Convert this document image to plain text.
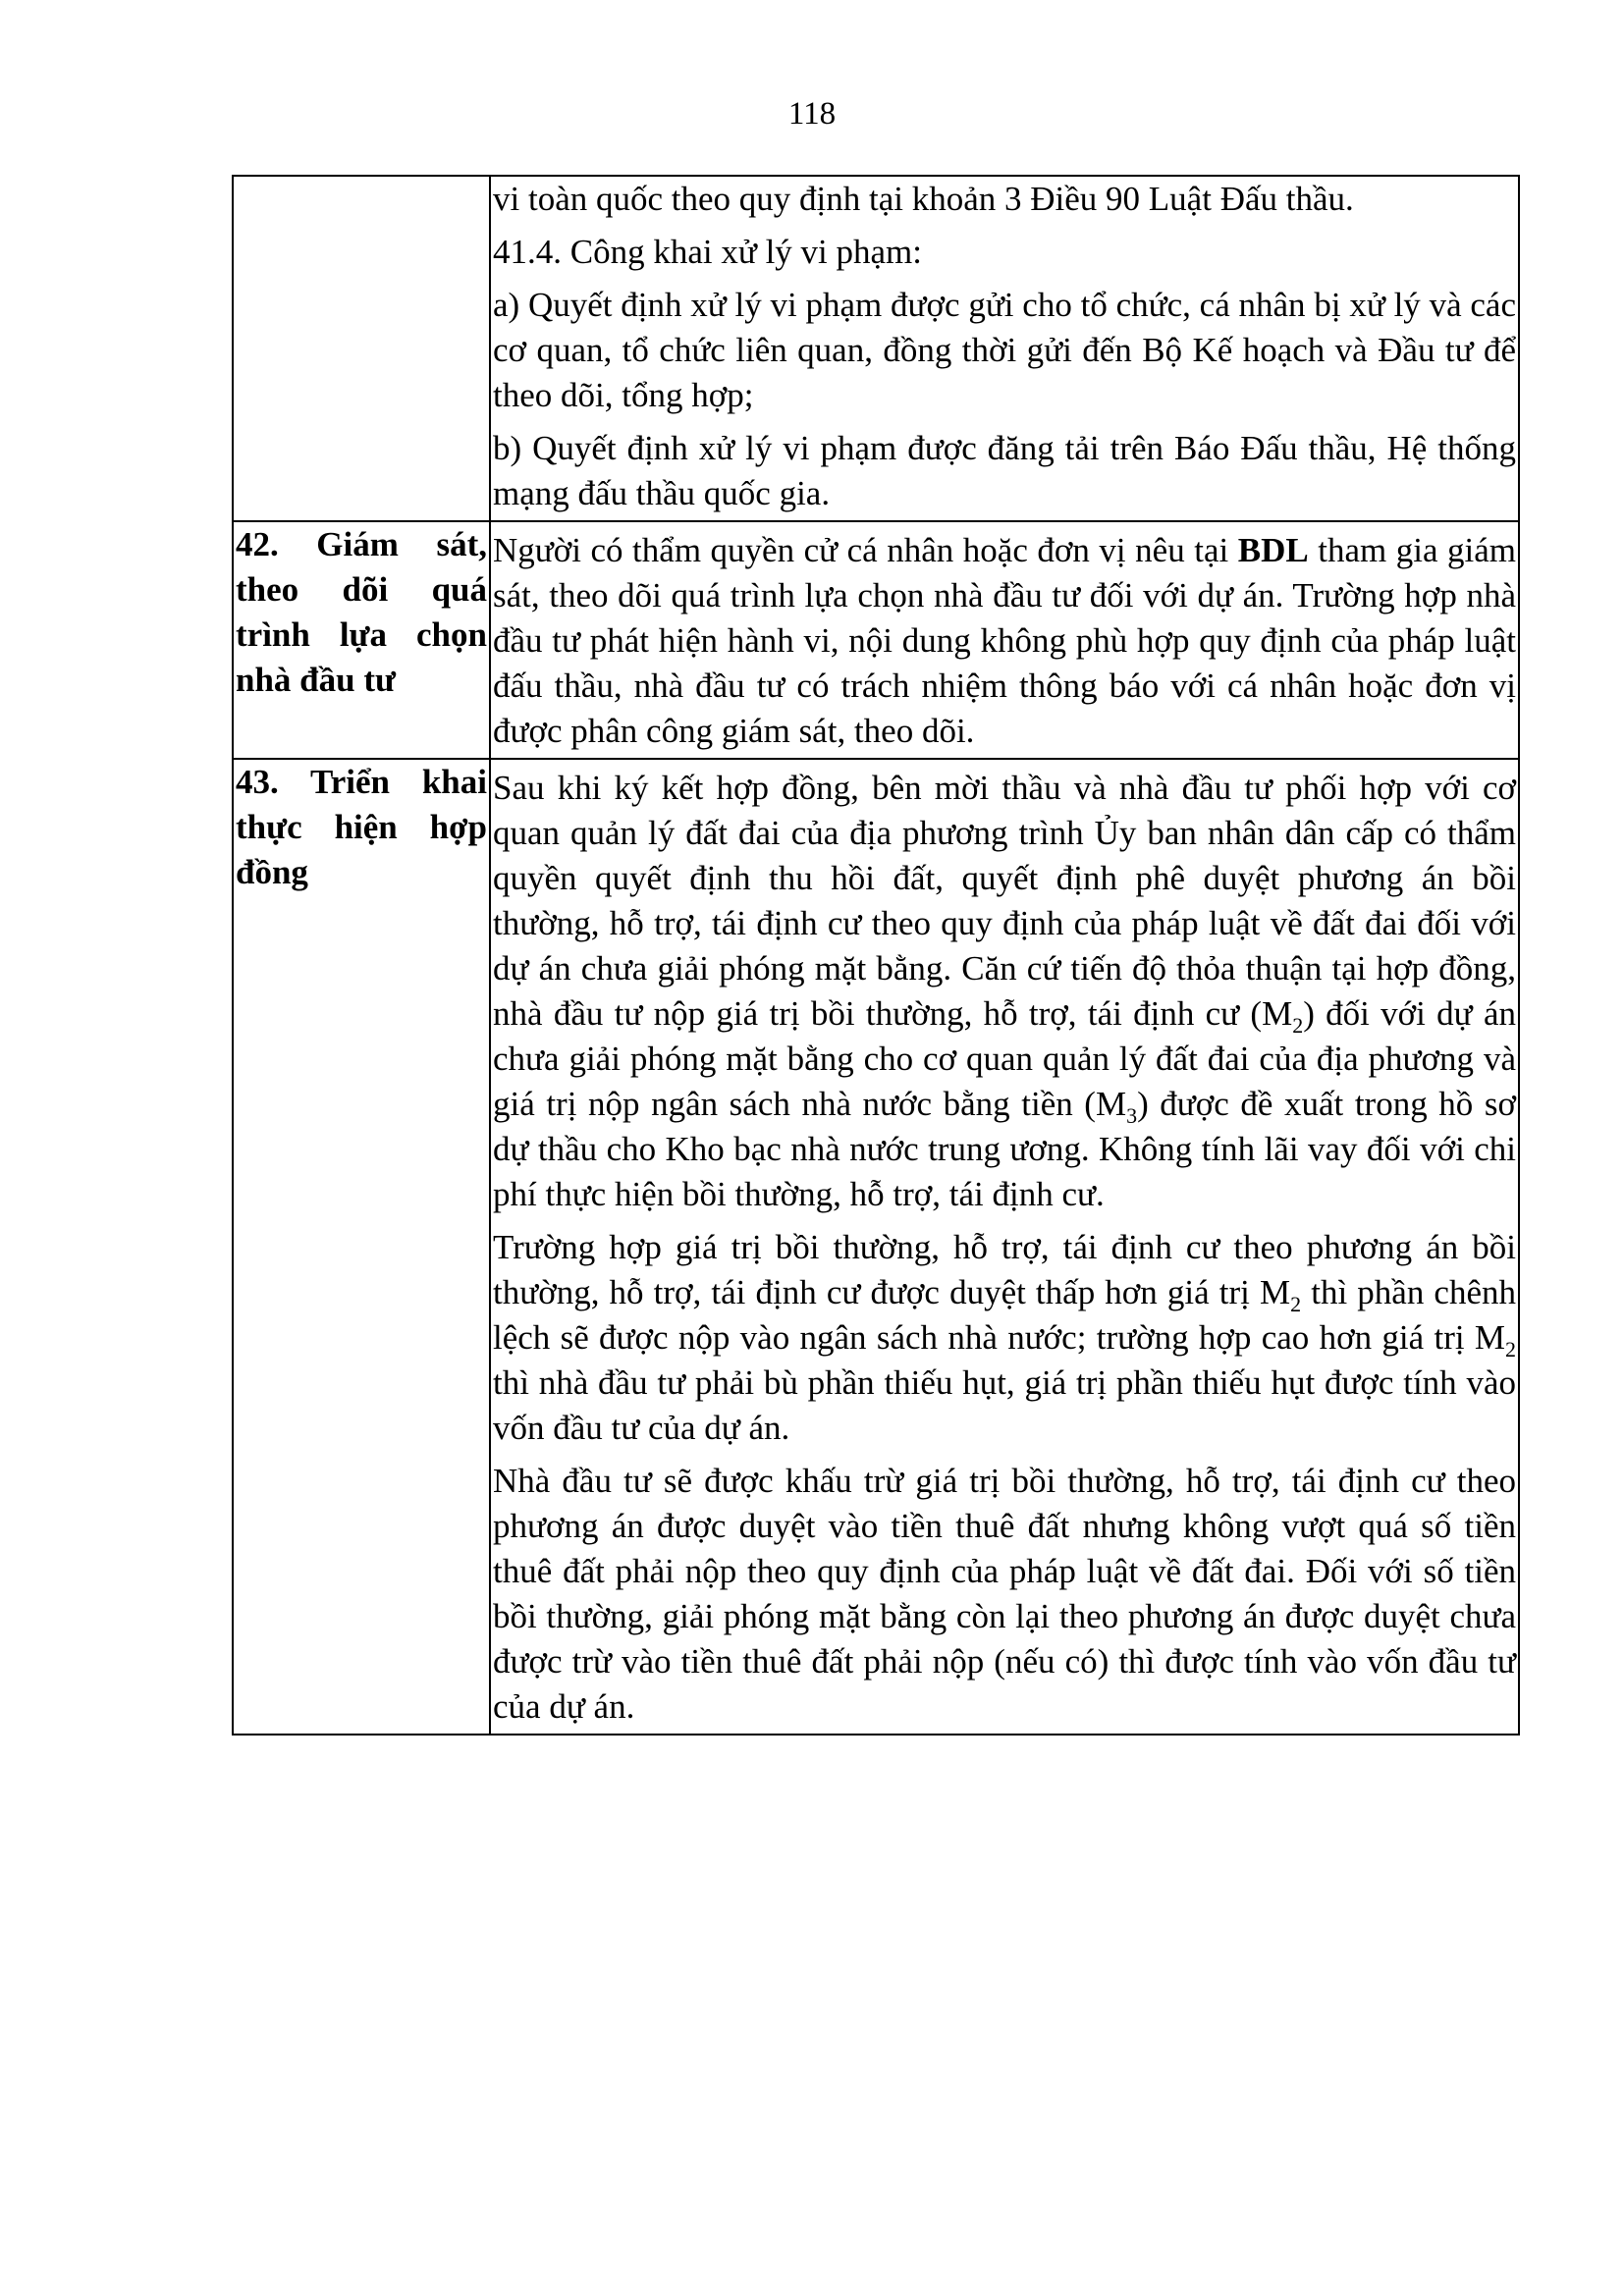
118

	vi toàn quốc theo quy định tại khoản 3 Điều 90 Luật Đấu thầu.

41.4. Công khai xử lý vi phạm:

a) Quyết định xử lý vi phạm được gửi cho tổ chức, cá nhân bị xử lý và các cơ quan, tổ chức liên quan, đồng thời gửi đến Bộ Kế hoạch và Đầu tư để theo dõi, tổng hợp;

b) Quyết định xử lý vi phạm được đăng tải trên Báo Đấu thầu, Hệ thống mạng đấu thầu quốc gia.

42. Giám sát, theo dõi quá trình lựa chọn nhà đầu tư	Người có thẩm quyền cử cá nhân hoặc đơn vị nêu tại BDL tham gia giám sát, theo dõi quá trình lựa chọn nhà đầu tư đối với dự án. Trường hợp nhà đầu tư phát hiện hành vi, nội dung không phù hợp quy định của pháp luật đấu thầu, nhà đầu tư có trách nhiệm thông báo với cá nhân hoặc đơn vị được phân công giám sát, theo dõi.

43. Triển khai thực hiện hợp đồng	Sau khi ký kết hợp đồng, bên mời thầu và nhà đầu tư phối hợp với cơ quan quản lý đất đai của địa phương trình Ủy ban nhân dân cấp có thẩm quyền quyết định thu hồi đất, quyết định phê duyệt phương án bồi thường, hỗ trợ, tái định cư theo quy định của pháp luật về đất đai đối với dự án chưa giải phóng mặt bằng. Căn cứ tiến độ thỏa thuận tại hợp đồng, nhà đầu tư nộp giá trị bồi thường, hỗ trợ, tái định cư $(M_2)$ đối với dự án chưa giải phóng mặt bằng cho cơ quan quản lý đất đai của địa phương và giá trị nộp ngân sách nhà nước bằng tiền $(M_3)$ được đề xuất trong hồ sơ dự thầu cho Kho bạc nhà nước trung ương. Không tính lãi vay đối với chi phí thực hiện bồi thường, hỗ trợ, tái định cư.

Trường hợp giá trị bồi thường, hỗ trợ, tái định cư theo phương án bồi thường, hỗ trợ, tái định cư được duyệt thấp hơn giá trị $M_2$ thì phần chênh lệch sẽ được nộp vào ngân sách nhà nước; trường hợp cao hơn giá trị $M_2$ thì nhà đầu tư phải bù phần thiếu hụt, giá trị phần thiếu hụt được tính vào vốn đầu tư của dự án.

Nhà đầu tư sẽ được khấu trừ giá trị bồi thường, hỗ trợ, tái định cư theo phương án được duyệt vào tiền thuê đất nhưng không vượt quá số tiền thuê đất phải nộp theo quy định của pháp luật về đất đai. Đối với số tiền bồi thường, giải phóng mặt bằng còn lại theo phương án được duyệt chưa được trừ vào tiền thuê đất phải nộp (nếu có) thì được tính vào vốn đầu tư của dự án.
